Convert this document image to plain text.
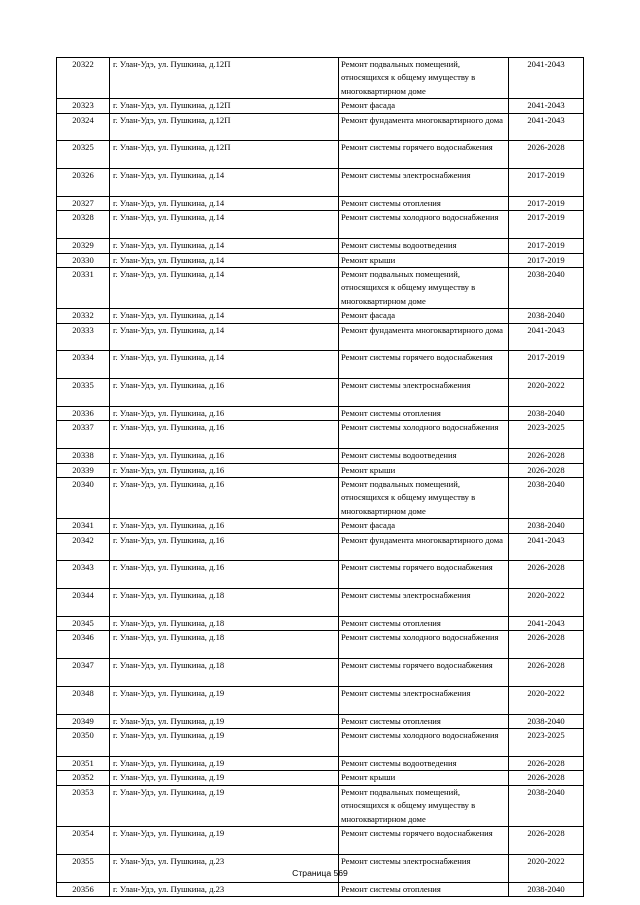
20322	г. Улан-Удэ, ул. Пушкина, д.12П	Ремонт подвальных помещений, относящихся к общему имуществу в многоквартирном доме	2041-2043
20323	г. Улан-Удэ, ул. Пушкина, д.12П	Ремонт фасада	2041-2043
20324	г. Улан-Удэ, ул. Пушкина, д.12П	Ремонт фундамента многоквартирного дома	2041-2043
20325	г. Улан-Удэ, ул. Пушкина, д.12П	Ремонт системы горячего водоснабжения	2026-2028
20326	г. Улан-Удэ, ул. Пушкина, д.14	Ремонт системы электроснабжения	2017-2019
20327	г. Улан-Удэ, ул. Пушкина, д.14	Ремонт системы отопления	2017-2019
20328	г. Улан-Удэ, ул. Пушкина, д.14	Ремонт системы холодного водоснабжения	2017-2019
20329	г. Улан-Удэ, ул. Пушкина, д.14	Ремонт системы водоотведения	2017-2019
20330	г. Улан-Удэ, ул. Пушкина, д.14	Ремонт крыши	2017-2019
20331	г. Улан-Удэ, ул. Пушкина, д.14	Ремонт подвальных помещений, относящихся к общему имуществу в многоквартирном доме	2038-2040
20332	г. Улан-Удэ, ул. Пушкина, д.14	Ремонт фасада	2038-2040
20333	г. Улан-Удэ, ул. Пушкина, д.14	Ремонт фундамента многоквартирного дома	2041-2043
20334	г. Улан-Удэ, ул. Пушкина, д.14	Ремонт системы горячего водоснабжения	2017-2019
20335	г. Улан-Удэ, ул. Пушкина, д.16	Ремонт системы электроснабжения	2020-2022
20336	г. Улан-Удэ, ул. Пушкина, д.16	Ремонт системы отопления	2038-2040
20337	г. Улан-Удэ, ул. Пушкина, д.16	Ремонт системы холодного водоснабжения	2023-2025
20338	г. Улан-Удэ, ул. Пушкина, д.16	Ремонт системы водоотведения	2026-2028
20339	г. Улан-Удэ, ул. Пушкина, д.16	Ремонт крыши	2026-2028
20340	г. Улан-Удэ, ул. Пушкина, д.16	Ремонт подвальных помещений, относящихся к общему имуществу в многоквартирном доме	2038-2040
20341	г. Улан-Удэ, ул. Пушкина, д.16	Ремонт фасада	2038-2040
20342	г. Улан-Удэ, ул. Пушкина, д.16	Ремонт фундамента многоквартирного дома	2041-2043
20343	г. Улан-Удэ, ул. Пушкина, д.16	Ремонт системы горячего водоснабжения	2026-2028
20344	г. Улан-Удэ, ул. Пушкина, д.18	Ремонт системы электроснабжения	2020-2022
20345	г. Улан-Удэ, ул. Пушкина, д.18	Ремонт системы отопления	2041-2043
20346	г. Улан-Удэ, ул. Пушкина, д.18	Ремонт системы холодного водоснабжения	2026-2028
20347	г. Улан-Удэ, ул. Пушкина, д.18	Ремонт системы горячего водоснабжения	2026-2028
20348	г. Улан-Удэ, ул. Пушкина, д.19	Ремонт системы электроснабжения	2020-2022
20349	г. Улан-Удэ, ул. Пушкина, д.19	Ремонт системы отопления	2038-2040
20350	г. Улан-Удэ, ул. Пушкина, д.19	Ремонт системы холодного водоснабжения	2023-2025
20351	г. Улан-Удэ, ул. Пушкина, д.19	Ремонт системы водоотведения	2026-2028
20352	г. Улан-Удэ, ул. Пушкина, д.19	Ремонт крыши	2026-2028
20353	г. Улан-Удэ, ул. Пушкина, д.19	Ремонт подвальных помещений, относящихся к общему имуществу в многоквартирном доме	2038-2040
20354	г. Улан-Удэ, ул. Пушкина, д.19	Ремонт системы горячего водоснабжения	2026-2028
20355	г. Улан-Удэ, ул. Пушкина, д.23	Ремонт системы электроснабжения	2020-2022
20356	г. Улан-Удэ, ул. Пушкина, д.23	Ремонт системы отопления	2038-2040
Страница 569
